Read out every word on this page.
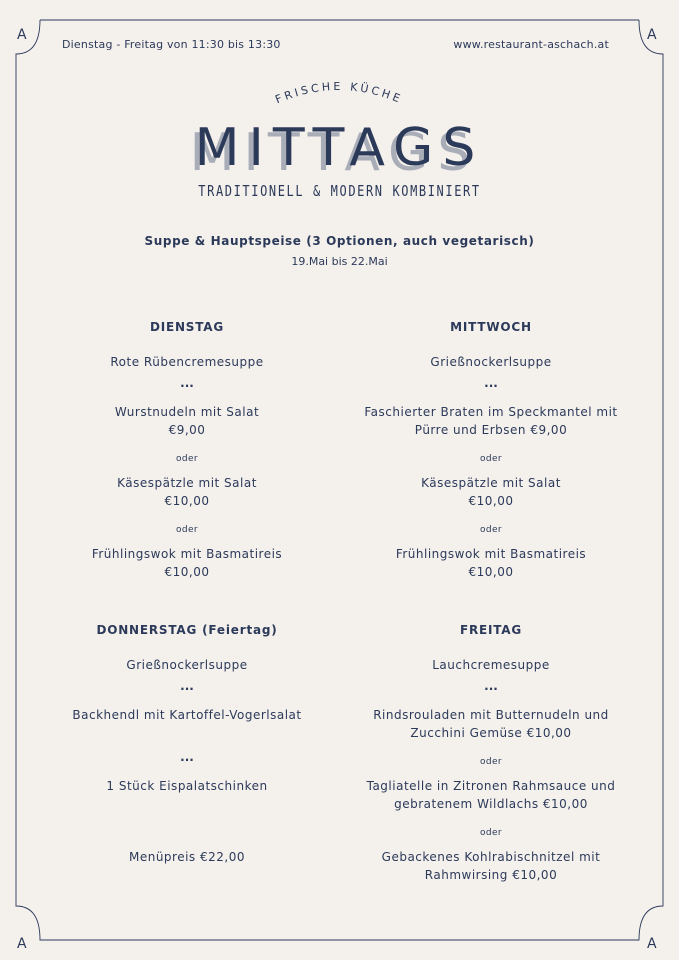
A	A
A	A
Dienstag - Freitag von 11:30 bis 13:30	www.restaurant-aschach.at
FRISCHE KÜCHE
MITTAGS
TRADITIONELL & MODERN KOMBINIERT
Suppe & Hauptspeise (3 Optionen, auch vegetarisch)
19.Mai bis 22.Mai
DIENSTAG
Rote Rübencremesuppe
...
Wurstnudeln mit Salat
€9,00
oder
Käsespätzle mit Salat
€10,00
oder
Frühlingswok mit Basmatireis
€10,00
MITTWOCH
Grießnockerlsuppe
...
Faschierter Braten im Speckmantel mit
Pürre und Erbsen €9,00
oder
Käsespätzle mit Salat
€10,00
oder
Frühlingswok mit Basmatireis
€10,00
DONNERSTAG (Feiertag)
Grießnockerlsuppe
...
Backhendl mit Kartoffel-Vogerlsalat
...
1 Stück Eispalatschinken
Menüpreis €22,00
FREITAG
Lauchcremesuppe
...
Rindsrouladen mit Butternudeln und
Zucchini Gemüse €10,00
oder
Tagliatelle in Zitronen Rahmsauce und
gebratenem Wildlachs €10,00
oder
Gebackenes Kohlrabischnitzel mit
Rahmwirsing €10,00
